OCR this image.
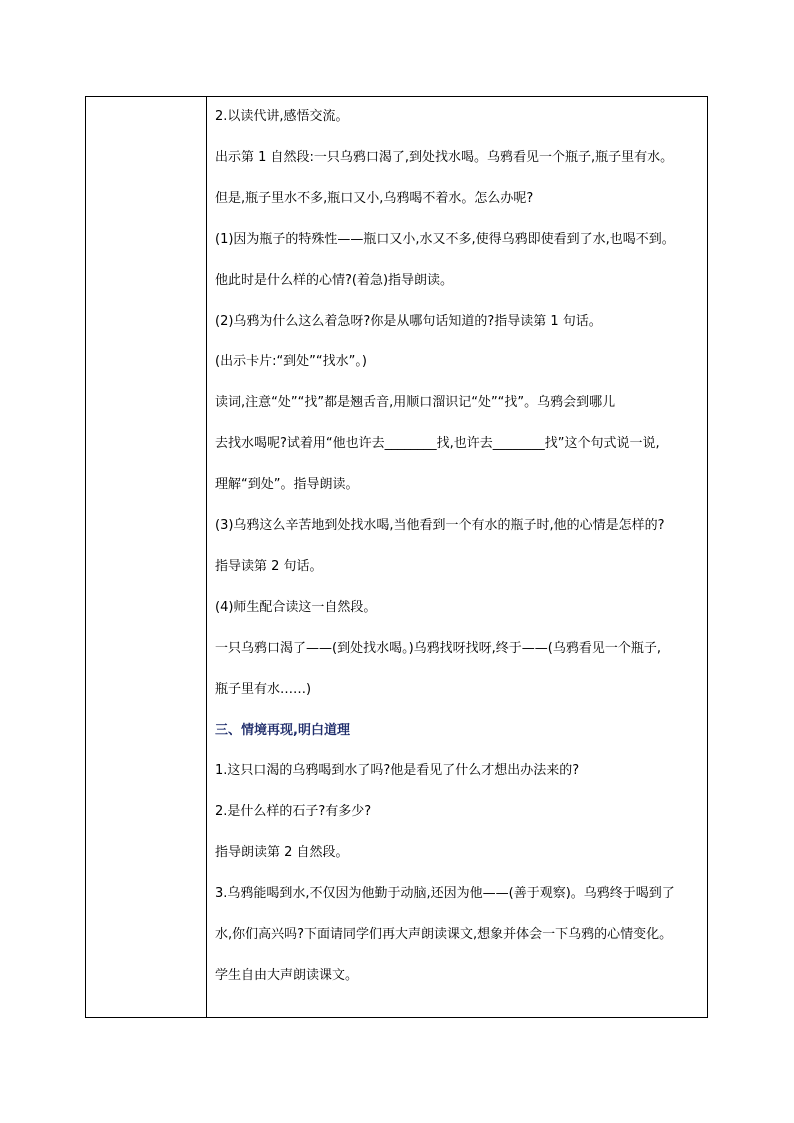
2.以读代讲,感悟交流。
出示第 1 自然段:一只乌鸦口渴了,到处找水喝。乌鸦看见一个瓶子,瓶子里有水。
但是,瓶子里水不多,瓶口又小,乌鸦喝不着水。怎么办呢?
(1)因为瓶子的特殊性——瓶口又小,水又不多,使得乌鸦即使看到了水,也喝不到。
他此时是什么样的心情?(着急)指导朗读。
(2)乌鸦为什么这么着急呀?你是从哪句话知道的?指导读第 1 句话。
(出示卡片:“到处”“找水”。)
读词,注意“处”“找”都是翘舌音,用顺口溜识记“处”“找”。乌鸦会到哪儿
去找水喝呢?试着用“他也许去________找,也许去________找”这个句式说一说,
理解“到处”。指导朗读。
(3)乌鸦这么辛苦地到处找水喝,当他看到一个有水的瓶子时,他的心情是怎样的?
指导读第 2 句话。
(4)师生配合读这一自然段。
一只乌鸦口渴了——(到处找水喝。)乌鸦找呀找呀,终于——(乌鸦看见一个瓶子,
瓶子里有水……)
三、情境再现,明白道理
1.这只口渴的乌鸦喝到水了吗?他是看见了什么才想出办法来的?
2.是什么样的石子?有多少?
指导朗读第 2 自然段。
3.乌鸦能喝到水,不仅因为他勤于动脑,还因为他——(善于观察)。乌鸦终于喝到了
水,你们高兴吗?下面请同学们再大声朗读课文,想象并体会一下乌鸦的心情变化。
学生自由大声朗读课文。
